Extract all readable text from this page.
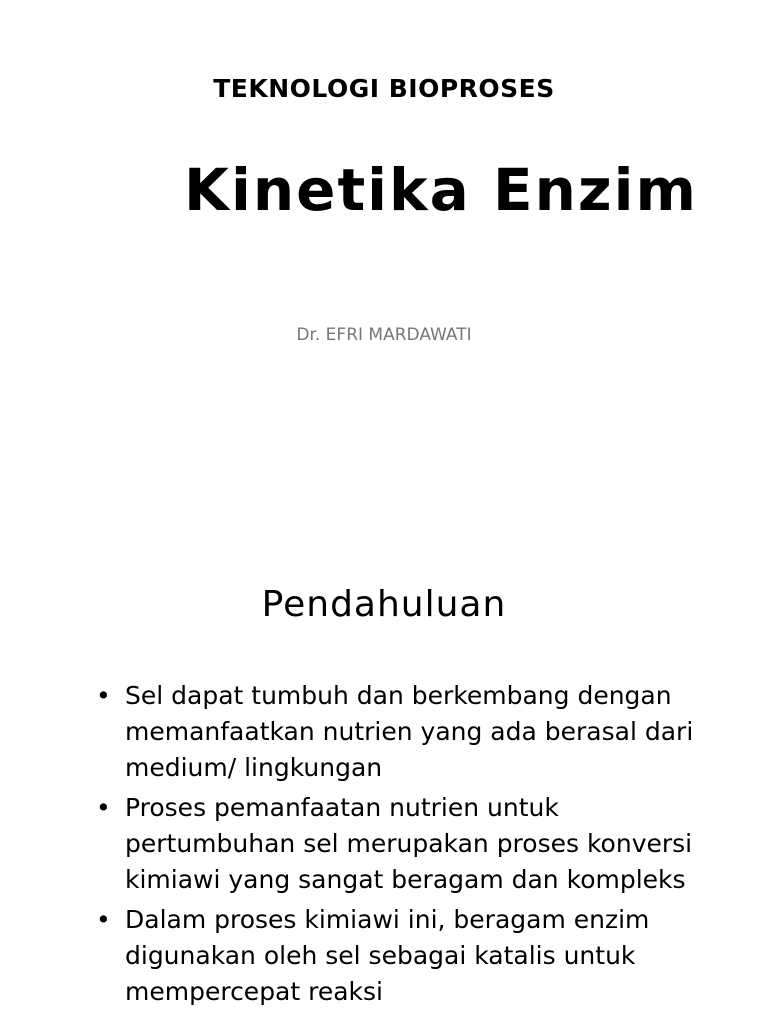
TEKNOLOGI BIOPROSES
Kinetika Enzim

Dr. EFRI MARDAWATI

Pendahuluan
• Sel dapat tumbuh dan berkembang dengan memanfaatkan nutrien yang ada berasal dari medium/ lingkungan
• Proses pemanfaatan nutrien untuk pertumbuhan sel merupakan proses konversi kimiawi yang sangat beragam dan kompleks
• Dalam proses kimiawi ini, beragam enzim digunakan oleh sel sebagai katalis untuk mempercepat reaksi
